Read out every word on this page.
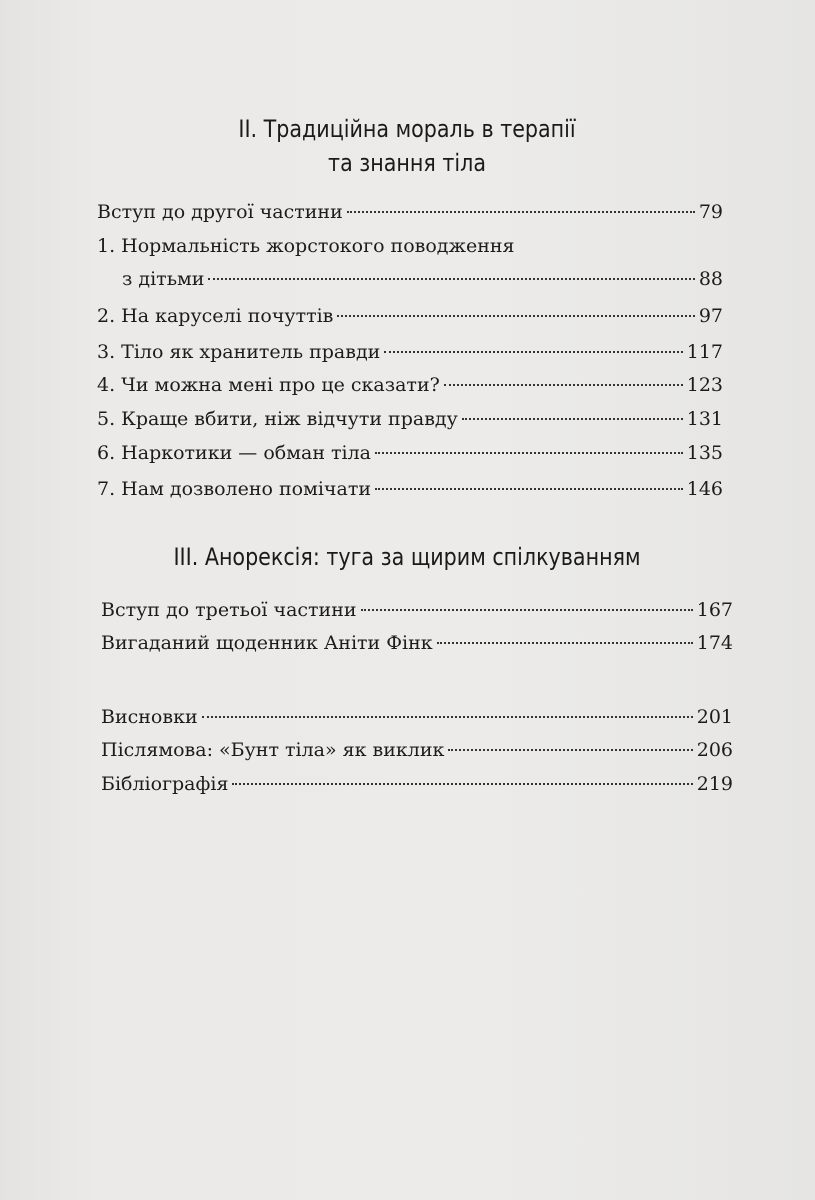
II. Традиційна мораль в терапії
та знання тіла
Вступ до другої частини	79
1. Нормальність жорстокого поводження
з дітьми	88
2. На каруселі почуттів	97
3. Тіло як хранитель правди	117
4. Чи можна мені про це сказати?	123
5. Краще вбити, ніж відчути правду	131
6. Наркотики — обман тіла	135
7. Нам дозволено помічати	146
III. Анорексія: туга за щирим спілкуванням
Вступ до третьої частини	167
Вигаданий щоденник Аніти Фінк	174
Висновки	201
Післямова: «Бунт тіла» як виклик	206
Бібліографія	219
